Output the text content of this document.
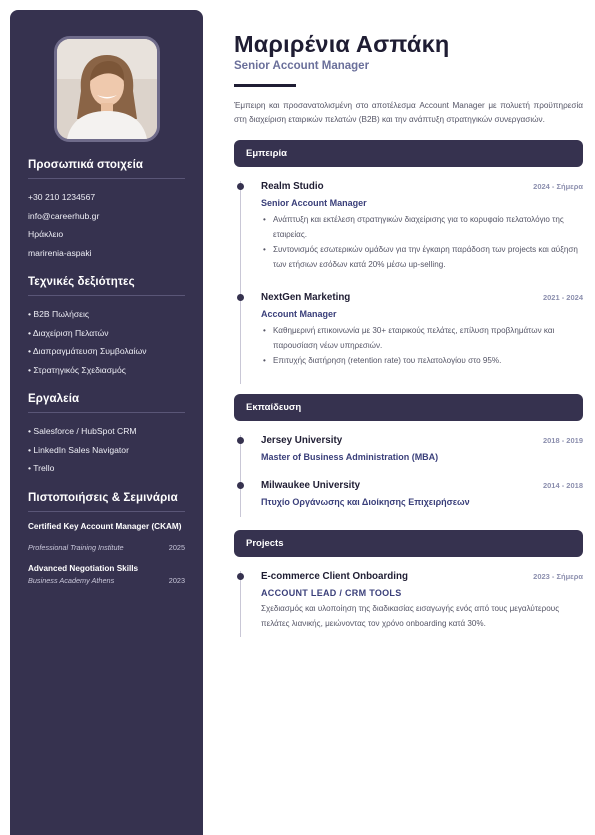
Προσωπικά στοιχεία
+30 210 1234567
info@careerhub.gr
Ηράκλειο
marirenia-aspaki
Τεχνικές δεξιότητες
• B2B Πωλήσεις
• Διαχείριση Πελατών
• Διαπραγμάτευση Συμβολαίων
• Στρατηγικός Σχεδιασμός
Εργαλεία
• Salesforce / HubSpot CRM
• LinkedIn Sales Navigator
• Trello
Πιστοποιήσεις & Σεμινάρια
Certified Key Account Manager (CKAM)
Professional Training Institute	2025
Advanced Negotiation Skills
Business Academy Athens	2023
Μαριρένια Ασπάκη
Senior Account Manager

Έμπειρη και προσανατολισμένη στο αποτέλεσμα Account Manager με πολυετή προϋπηρεσία στη διαχείριση εταιρικών πελατών (B2B) και την ανάπτυξη στρατηγικών συνεργασιών.

Εμπειρία
Realm Studio	2024 - Σήμερα
Senior Account Manager
• Ανάπτυξη και εκτέλεση στρατηγικών διαχείρισης για το κορυφαίο πελατολόγιο της εταιρείας.
• Συντονισμός εσωτερικών ομάδων για την έγκαιρη παράδοση των projects και αύξηση των ετήσιων εσόδων κατά 20% μέσω up-selling.
NextGen Marketing	2021 - 2024
Account Manager
• Καθημερινή επικοινωνία με 30+ εταιρικούς πελάτες, επίλυση προβλημάτων και παρουσίαση νέων υπηρεσιών.
• Επιτυχής διατήρηση (retention rate) του πελατολογίου στο 95%.
Εκπαίδευση
Jersey University	2018 - 2019
Master of Business Administration (MBA)
Milwaukee University	2014 - 2018
Πτυχίο Οργάνωσης και Διοίκησης Επιχειρήσεων
Projects
E-commerce Client Onboarding	2023 - Σήμερα
ACCOUNT LEAD / CRM TOOLS

Σχεδιασμός και υλοποίηση της διαδικασίας εισαγωγής ενός από τους μεγαλύτερους πελάτες λιανικής, μειώνοντας τον χρόνο onboarding κατά 30%.
